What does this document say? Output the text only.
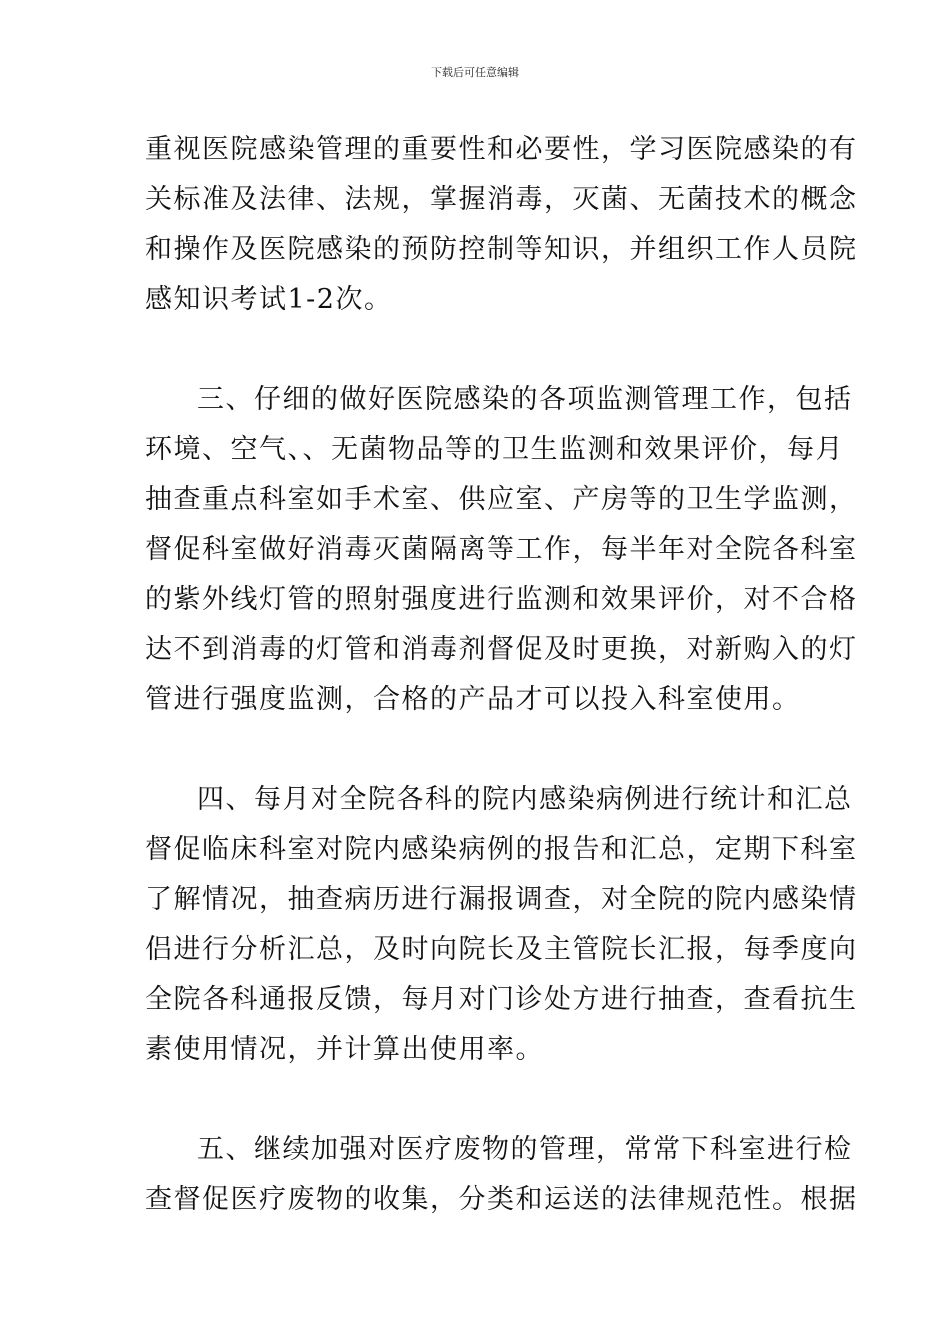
下载后可任意编辑
重视医院感染管理的重要性和必要性，学习医院感染的有
关标准及法律、法规，掌握消毒，灭菌、无菌技术的概念
和操作及医院感染的预防控制等知识，并组织工作人员院
感知识考试1-2次。
三、仔细的做好医院感染的各项监测管理工作，包括
环境、空气、、无菌物品等的卫生监测和效果评价，每月
抽查重点科室如手术室、供应室、产房等的卫生学监测，
督促科室做好消毒灭菌隔离等工作，每半年对全院各科室
的紫外线灯管的照射强度进行监测和效果评价，对不合格
达不到消毒的灯管和消毒剂督促及时更换，对新购入的灯
管进行强度监测，合格的产品才可以投入科室使用。
四、每月对全院各科的院内感染病例进行统计和汇总
督促临床科室对院内感染病例的报告和汇总，定期下科室
了解情况，抽查病历进行漏报调查，对全院的院内感染情
侣进行分析汇总，及时向院长及主管院长汇报，每季度向
全院各科通报反馈，每月对门诊处方进行抽查，查看抗生
素使用情况，并计算出使用率。
五、继续加强对医疗废物的管理，常常下科室进行检
查督促医疗废物的收集，分类和运送的法律规范性。根据
